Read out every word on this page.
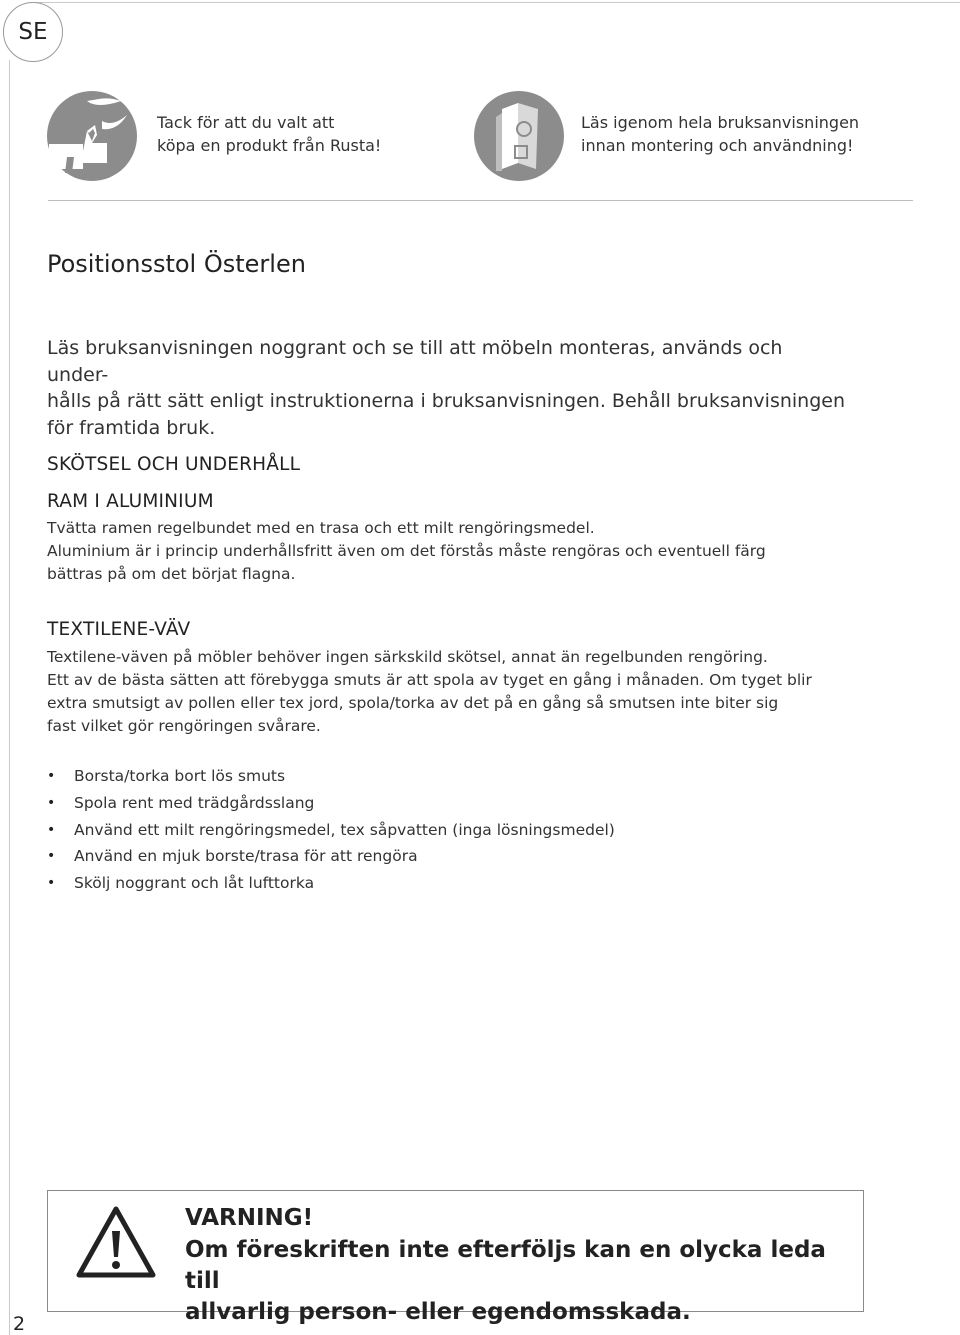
SE
Tack för att du valt att
köpa en produkt från Rusta!
Läs igenom hela bruksanvisningen
innan montering och användning!
Positionsstol Österlen
Läs bruksanvisningen noggrant och se till att möbeln monteras, används och under-
hålls på rätt sätt enligt instruktionerna i bruksanvisningen. Behåll bruksanvisningen
för framtida bruk.
SKÖTSEL OCH UNDERHÅLL
RAM I ALUMINIUM

Tvätta ramen regelbundet med en trasa och ett milt rengöringsmedel.

Aluminium är i princip underhållsfritt även om det förstås måste rengöras och eventuell färg

bättras på om det börjat flagna.

TEXTILENE-VÄV

Textilene-väven på möbler behöver ingen särkskild skötsel, annat än regelbunden rengöring.

Ett av de bästa sätten att förebygga smuts är att spola av tyget en gång i månaden. Om tyget blir

extra smutsigt av pollen eller tex jord, spola/torka av det på en gång så smutsen inte biter sig

fast vilket gör rengöringen svårare.

• Borsta/torka bort lös smuts
• Spola rent med trädgårdsslang
• Använd ett milt rengöringsmedel, tex såpvatten (inga lösningsmedel)
• Använd en mjuk borste/trasa för att rengöra
• Skölj noggrant och låt lufttorka
VARNING!
Om föreskriften inte efterföljs kan en olycka leda till
allvarlig person- eller egendomsskada.
2
